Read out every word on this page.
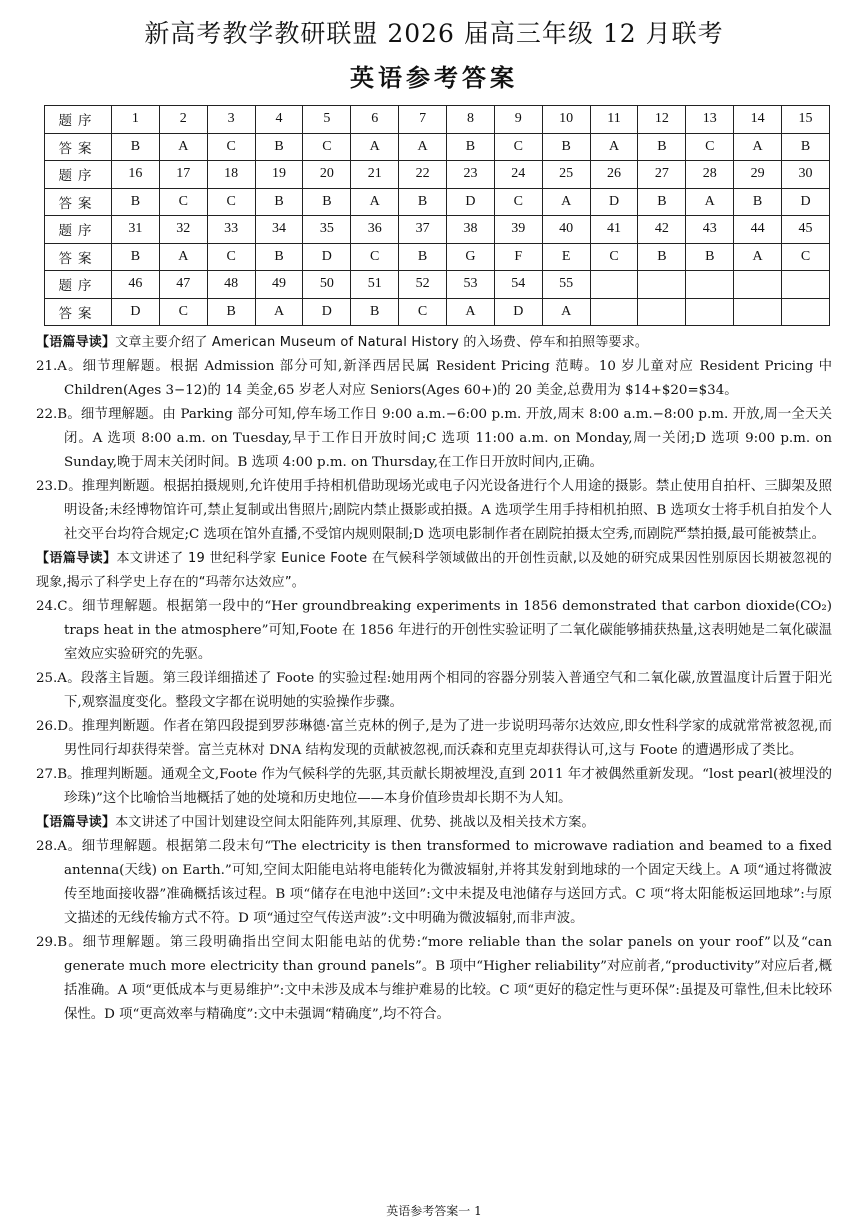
新高考教学教研联盟 2026 届高三年级 12 月联考
英语参考答案
题序	1	2	3	4	5	6	7	8	9	10	11	12	13	14	15
答案	B	A	C	B	C	A	A	B	C	B	A	B	C	A	B
题序	16	17	18	19	20	21	22	23	24	25	26	27	28	29	30
答案	B	C	C	B	B	A	B	D	C	A	D	B	A	B	D
题序	31	32	33	34	35	36	37	38	39	40	41	42	43	44	45
答案	B	A	C	B	D	C	B	G	F	E	C	B	B	A	C
题序	46	47	48	49	50	51	52	53	54	55					
答案	D	C	B	A	D	B	C	A	D	A					

【语篇导读】文章主要介绍了 American Museum of Natural History 的入场费、停车和拍照等要求。

21.A。细节理解题。根据 Admission 部分可知,新泽西居民属 Resident Pricing 范畴。10 岁儿童对应 Resident Pricing 中 Children(Ages 3−12)的 14 美金,65 岁老人对应 Seniors(Ages 60+)的 20 美金,总费用为 $14+$20=$34。

22.B。细节理解题。由 Parking 部分可知,停车场工作日 9:00 a.m.−6:00 p.m. 开放,周末 8:00 a.m.−8:00 p.m. 开放,周一全天关闭。A 选项 8:00 a.m. on Tuesday,早于工作日开放时间;C 选项 11:00 a.m. on Monday,周一关闭;D 选项 9:00 p.m. on Sunday,晚于周末关闭时间。B 选项 4:00 p.m. on Thursday,在工作日开放时间内,正确。

23.D。推理判断题。根据拍摄规则,允许使用手持相机借助现场光或电子闪光设备进行个人用途的摄影。禁止使用自拍杆、三脚架及照明设备;未经博物馆许可,禁止复制或出售照片;剧院内禁止摄影或拍摄。A 选项学生用手持相机拍照、B 选项女士将手机自拍发个人社交平台均符合规定;C 选项在馆外直播,不受馆内规则限制;D 选项电影制作者在剧院拍摄太空秀,而剧院严禁拍摄,最可能被禁止。

【语篇导读】本文讲述了 19 世纪科学家 Eunice Foote 在气候科学领域做出的开创性贡献,以及她的研究成果因性别原因长期被忽视的现象,揭示了科学史上存在的“玛蒂尔达效应”。

24.C。细节理解题。根据第一段中的“Her groundbreaking experiments in 1856 demonstrated that carbon dioxide(CO₂) traps heat in the atmosphere”可知,Foote 在 1856 年进行的开创性实验证明了二氧化碳能够捕获热量,这表明她是二氧化碳温室效应实验研究的先驱。

25.A。段落主旨题。第三段详细描述了 Foote 的实验过程:她用两个相同的容器分别装入普通空气和二氧化碳,放置温度计后置于阳光下,观察温度变化。整段文字都在说明她的实验操作步骤。

26.D。推理判断题。作者在第四段提到罗莎琳德·富兰克林的例子,是为了进一步说明玛蒂尔达效应,即女性科学家的成就常常被忽视,而男性同行却获得荣誉。富兰克林对 DNA 结构发现的贡献被忽视,而沃森和克里克却获得认可,这与 Foote 的遭遇形成了类比。

27.B。推理判断题。通观全文,Foote 作为气候科学的先驱,其贡献长期被埋没,直到 2011 年才被偶然重新发现。“lost pearl(被埋没的珍珠)”这个比喻恰当地概括了她的处境和历史地位——本身价值珍贵却长期不为人知。

【语篇导读】本文讲述了中国计划建设空间太阳能阵列,其原理、优势、挑战以及相关技术方案。

28.A。细节理解题。根据第二段末句“The electricity is then transformed to microwave radiation and beamed to a fixed antenna(天线) on Earth.”可知,空间太阳能电站将电能转化为微波辐射,并将其发射到地球的一个固定天线上。A 项“通过将微波传至地面接收器”准确概括该过程。B 项“储存在电池中送回”:文中未提及电池储存与送回方式。C 项“将太阳能板运回地球”:与原文描述的无线传输方式不符。D 项“通过空气传送声波”:文中明确为微波辐射,而非声波。

29.B。细节理解题。第三段明确指出空间太阳能电站的优势:“more reliable than the solar panels on your roof”以及“can generate much more electricity than ground panels”。B 项中“Higher reliability”对应前者,“productivity”对应后者,概括准确。A 项“更低成本与更易维护”:文中未涉及成本与维护难易的比较。C 项“更好的稳定性与更环保”:虽提及可靠性,但未比较环保性。D 项“更高效率与精确度”:文中未强调“精确度”,均不符合。

英语参考答案一 1
